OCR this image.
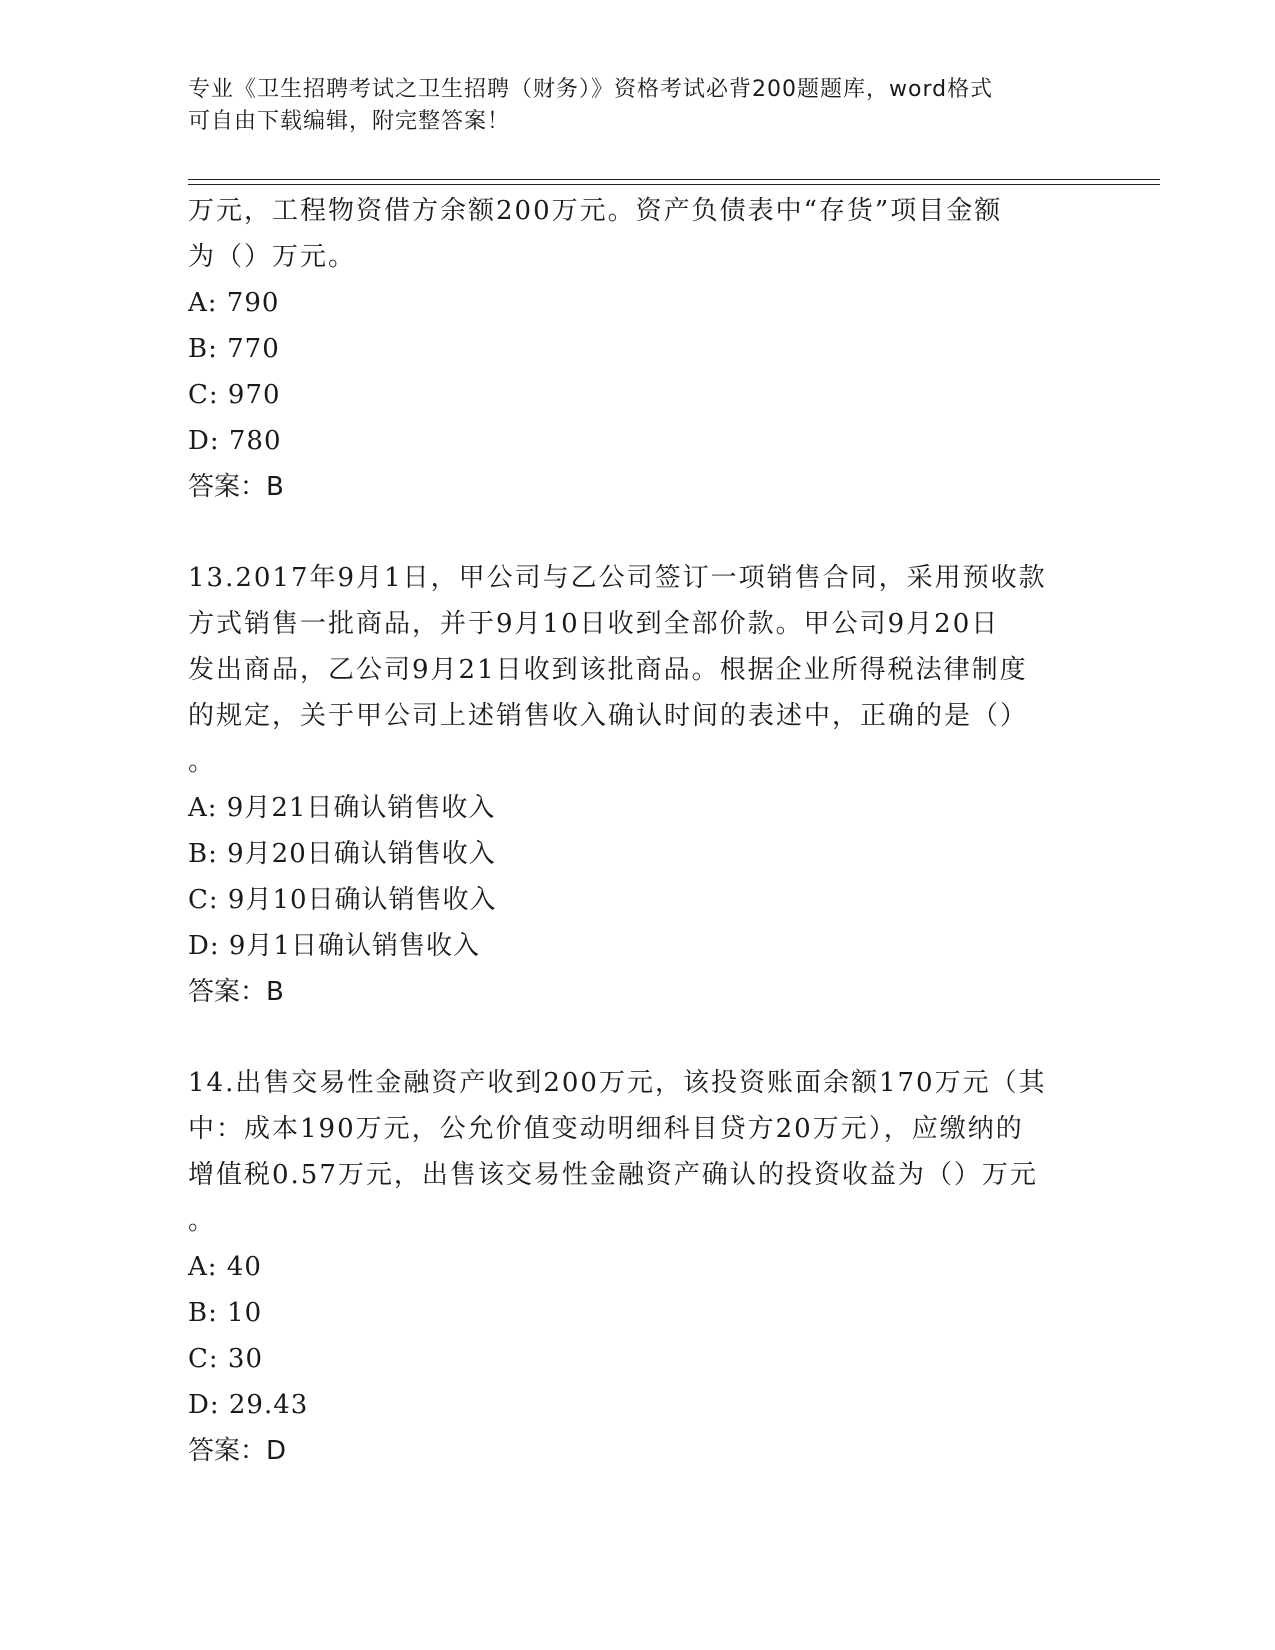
专业《卫生招聘考试之卫生招聘（财务）》资格考试必背200题题库，word格式
可自由下载编辑，附完整答案！
万元，工程物资借方余额200万元。资产负债表中“存货”项目金额
为（）万元。
A: 790
B: 770
C: 970
D: 780
答案：B
13.2017年9月1日，甲公司与乙公司签订一项销售合同，采用预收款
方式销售一批商品，并于9月10日收到全部价款。甲公司9月20日
发出商品，乙公司9月21日收到该批商品。根据企业所得税法律制度
的规定，关于甲公司上述销售收入确认时间的表述中，正确的是（）
。
A: 9月21日确认销售收入
B: 9月20日确认销售收入
C: 9月10日确认销售收入
D: 9月1日确认销售收入
答案：B
14.出售交易性金融资产收到200万元，该投资账面余额170万元（其
中：成本190万元，公允价值变动明细科目贷方20万元），应缴纳的
增值税0.57万元，出售该交易性金融资产确认的投资收益为（）万元
。
A: 40
B: 10
C: 30
D: 29.43
答案：D
